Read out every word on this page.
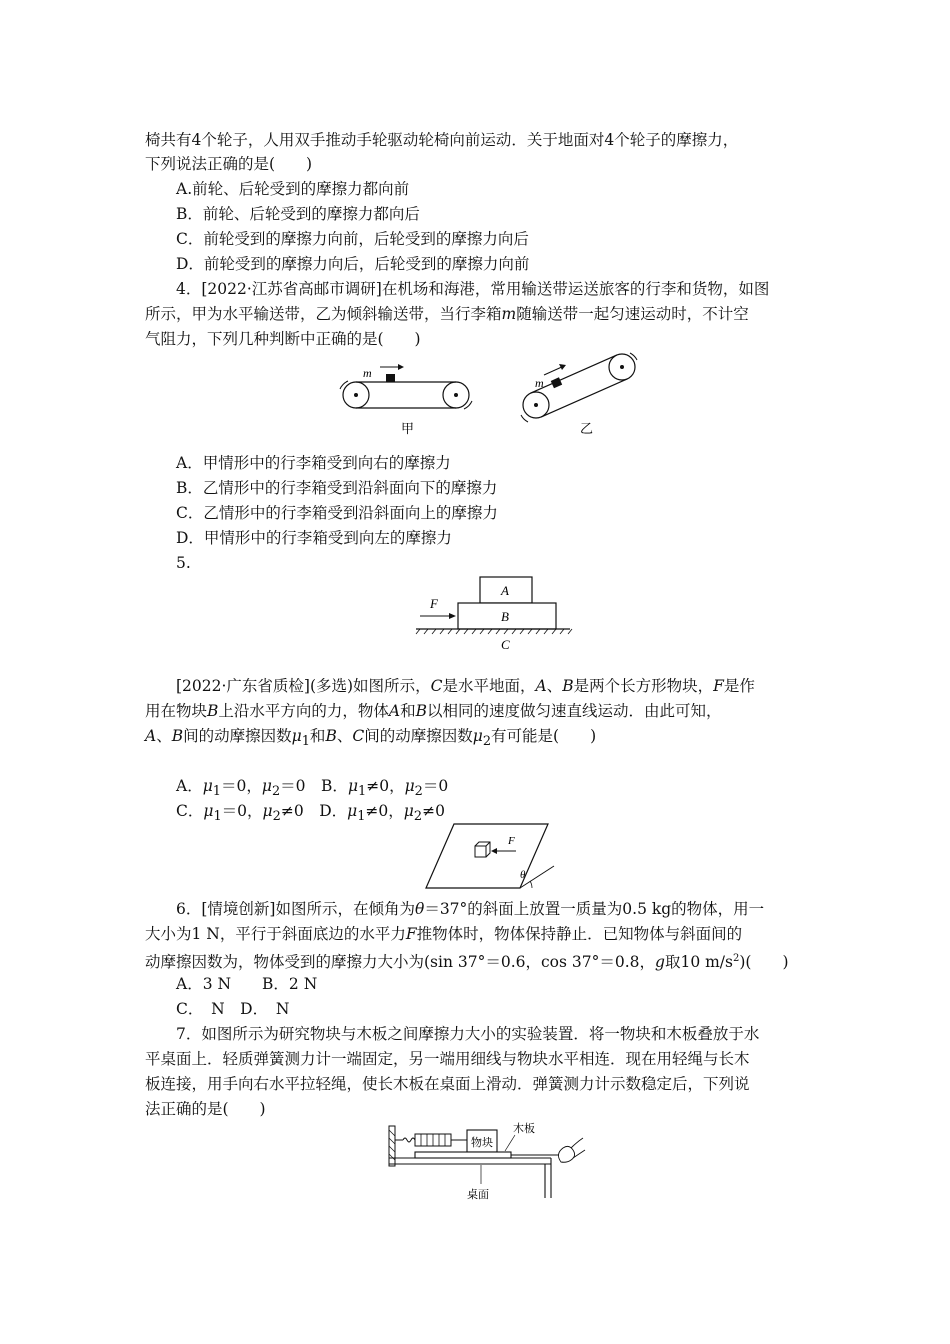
椅共有4个轮子，人用双手推动手轮驱动轮椅向前运动．关于地面对4个轮子的摩擦力，
下列说法正确的是(　　)
A.前轮、后轮受到的摩擦力都向前
B．前轮、后轮受到的摩擦力都向后
C．前轮受到的摩擦力向前，后轮受到的摩擦力向后
D．前轮受到的摩擦力向后，后轮受到的摩擦力向前
4．[2022·江苏省高邮市调研]在机场和海港，常用输送带运送旅客的行李和货物，如图
所示，甲为水平输送带，乙为倾斜输送带，当行李箱m随输送带一起匀速运动时，不计空
气阻力，下列几种判断中正确的是(　　)
m
甲
m
乙
A．甲情形中的行李箱受到向右的摩擦力
B．乙情形中的行李箱受到沿斜面向下的摩擦力
C．乙情形中的行李箱受到沿斜面向上的摩擦力
D．甲情形中的行李箱受到向左的摩擦力
5.
F
A
B
C
[2022·广东省质检](多选)如图所示，C是水平地面，A、B是两个长方形物块，F是作
用在物块B上沿水平方向的力，物体A和B以相同的速度做匀速直线运动．由此可知，
A、B间的动摩擦因数$\mu_1$和B、C间的动摩擦因数$\mu_2$有可能是(　　)
A．$\mu_1=0$，$\mu_2=0$　B．$\mu_1\ne 0$，$\mu_2=0$
C．$\mu_1=0$，$\mu_2\ne 0$　D．$\mu_1\ne 0$，$\mu_2\ne 0$
F
θ
6．[情境创新]如图所示，在倾角为θ＝37°的斜面上放置一质量为0.5 kg的物体，用一
大小为1 N，平行于斜面底边的水平力F推物体时，物体保持静止．已知物体与斜面间的
动摩擦因数为，物体受到的摩擦力大小为(sin 37°＝0.6，cos 37°＝0.8，g取10 $m/s^2$)(　　)
A．3 N　　B．2 N
C．　N　D．　N
7．如图所示为研究物块与木板之间摩擦力大小的实验装置．将一物块和木板叠放于水
平桌面上．轻质弹簧测力计一端固定，另一端用细线与物块水平相连．现在用轻绳与长木
板连接，用手向右水平拉轻绳，使长木板在桌面上滑动．弹簧测力计示数稳定后，下列说
法正确的是(　　)
物块
木板
桌面
